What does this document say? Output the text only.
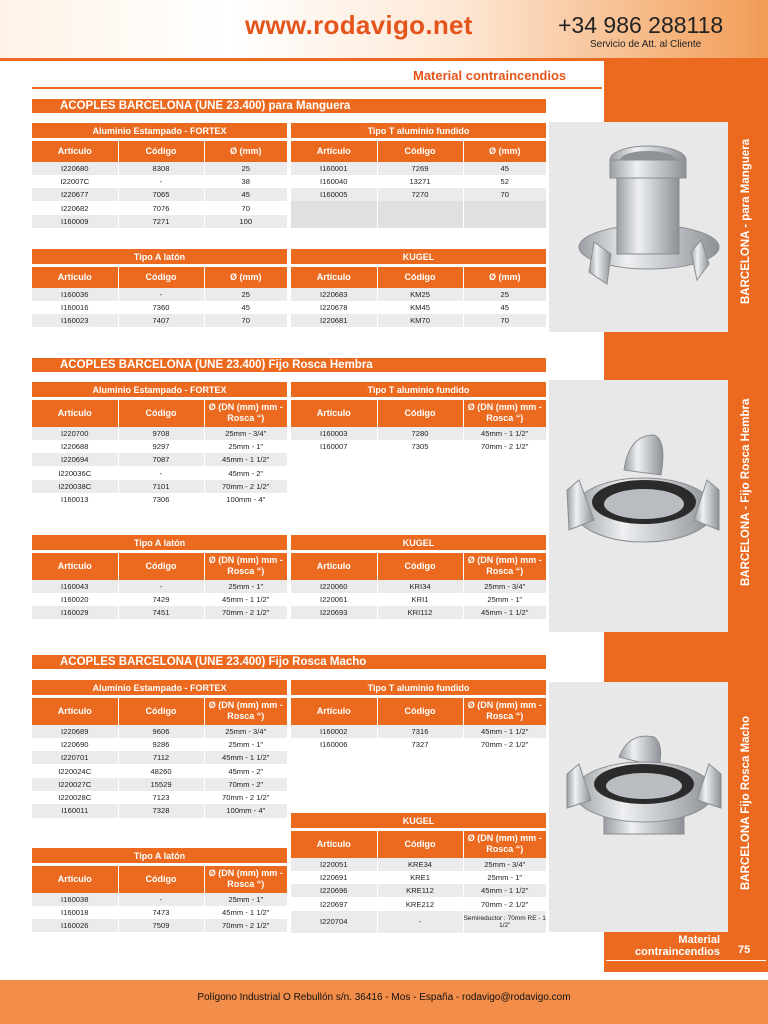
www.rodavigo.net	+34 986 288118
Servicio de Att. al Cliente
Material contraincendios
BARCELONA - para Manguera
BARCELONA - Fijo Rosca Hembra
BARCELONA Fijo Rosca Macho
ACOPLES BARCELONA (UNE 23.400) para Manguera
Aluminio Estampado - FORTEX		
Artículo	Código	Ø (mm)
I220680	8308	25
I22007C	-	38
I220677	7065	45
I220682	7076	70
I160009	7271	100
Tipo T aluminio fundido		
Artículo	Código	Ø (mm)
I160001	7269	45
I160040	13271	52
I160005	7270	70

Tipo A latón		
Artículo	Código	Ø (mm)
I160036	-	25
I160016	7360	45
I160023	7407	70
KUGEL		
Artículo	Código	Ø (mm)
I220683	KM25	25
I220678	KM45	45
I220681	KM70	70
ACOPLES BARCELONA (UNE 23.400) Fijo Rosca Hembra
Aluminio Estampado - FORTEX		
Artículo	Código	Ø (DN (mm) mm - Rosca “)
I220700	9708	25mm - 3/4"
I220688	9297	25mm - 1"
I220694	7087	45mm - 1 1/2"
I220036C	-	45mm - 2"
I220038C	7101	70mm - 2 1/2"
I160013	7306	100mm - 4"
Tipo T aluminio fundido		
Artículo	Código	Ø (DN (mm) mm - Rosca “)
I160003	7280	45mm - 1 1/2"
I160007	7305	70mm - 2 1/2"
Tipo A latón		
Artículo	Código	Ø (DN (mm) mm - Rosca “)
I160043	-	25mm - 1"
I160020	7429	45mm - 1 1/2"
I160029	7451	70mm - 2 1/2"
KUGEL		
Artículo	Código	Ø (DN (mm) mm - Rosca “)
I220060	KRI34	25mm - 3/4"
I220061	KRI1	25mm - 1"
I220693	KRI112	45mm - 1 1/2"
ACOPLES BARCELONA (UNE 23.400) Fijo Rosca Macho
Aluminio Estampado - FORTEX		
Artículo	Código	Ø (DN (mm) mm - Rosca “)
I220689	9606	25mm - 3/4"
I220690	9286	25mm - 1"
I220701	7112	45mm - 1 1/2"
I220024C	48260	45mm - 2"
I220027C	15529	70mm - 2"
I220028C	7123	70mm - 2 1/2"
I160011	7328	100mm - 4"
Tipo T aluminio fundido		
Artículo	Código	Ø (DN (mm) mm - Rosca “)
I160002	7316	45mm - 1 1/2"
I160006	7327	70mm - 2 1/2"
Tipo A latón		
Artículo	Código	Ø (DN (mm) mm - Rosca “)
I160038	-	25mm - 1"
I160018	7473	45mm - 1 1/2"
I160026	7509	70mm - 2 1/2"
KUGEL		
Artículo	Código	Ø (DN (mm) mm - Rosca “)
I220051	KRE34	25mm - 3/4"
I220691	KRE1	25mm - 1"
I220696	KRE112	45mm - 1 1/2"
I220697	KRE212	70mm - 2 1/2"
I220704	-	Semireductor : 70mm RE - 1 1/2"
Material contraincendios 75
Polígono Industrial O Rebullón s/n. 36416 - Mos - España - rodavigo@rodavigo.com
